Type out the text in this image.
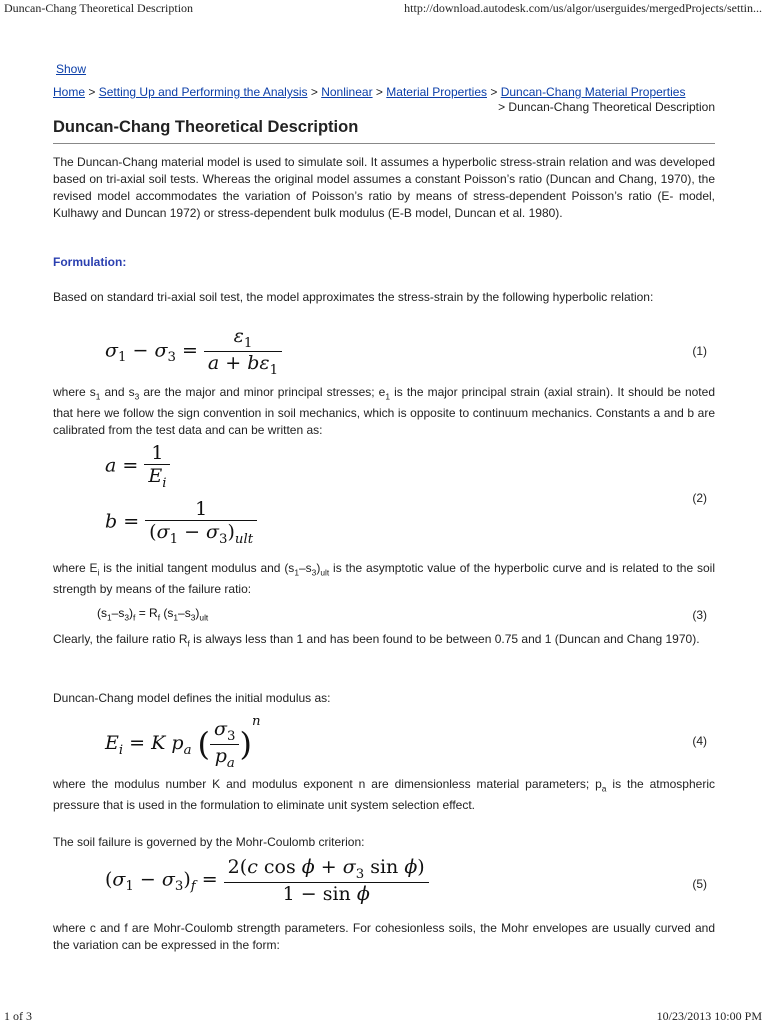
Duncan-Chang Theoretical Description	http://download.autodesk.com/us/algor/userguides/mergedProjects/settin...
Show
Home > Setting Up and Performing the Analysis > Nonlinear > Material Properties > Duncan-Chang Material Properties
> Duncan-Chang Theoretical Description
Duncan-Chang Theoretical Description
The Duncan-Chang material model is used to simulate soil. It assumes a hyperbolic stress-strain relation and was developed based on tri-axial soil tests. Whereas the original model assumes a constant Poisson’s ratio (Duncan and Chang, 1970), the revised model accommodates the variation of Poisson’s ratio by means of stress-dependent Poisson’s ratio (E- model, Kulhawy and Duncan 1972) or stress-dependent bulk modulus (E-B model, Duncan et al. 1980).
Formulation:
Based on standard tri-axial soil test, the model approximates the stress-strain by the following hyperbolic relation:
$\sigma_1 - \sigma_3 = \frac{\varepsilon_1}{a + b\varepsilon_1}$	(1)
where $s_1$ and $s_3$ are the major and minor principal stresses; $e_1$ is the major principal strain (axial strain). It should be noted that here we follow the sign convention in soil mechanics, which is opposite to continuum mechanics. Constants a and b are calibrated from the test data and can be written as:
$a = \frac{1}{E_i}$
$b = \frac{1}{(\sigma_1 - \sigma_3)_{ult}}$	(2)
where $E_i$ is the initial tangent modulus and $(s_1-s_3)_{ult}$ is the asymptotic value of the hyperbolic curve and is related to the soil strength by means of the failure ratio:
$(s_1-s_3)_f = R_f$ $(s_1-s_3)_{ult}$	(3)
Clearly, the failure ratio $R_f$ is always less than 1 and has been found to be between 0.75 and 1 (Duncan and Chang 1970).
Duncan-Chang model defines the initial modulus as:
$E_i = K$ $p_a$ ( $\frac{\sigma_3}{p_a} )^n$
(4)
where the modulus number K and modulus exponent n are dimensionless material parameters; $p_a$ is the atmospheric pressure that is used in the formulation to eliminate unit system selection effect.
The soil failure is governed by the Mohr-Coulomb criterion:
$(\sigma_1 - \sigma_3)_f = \frac{2(c \cos \phi + \sigma_3 \sin \phi)}{\text{1 − sin ϕ}}$	(5)
where c and f are Mohr-Coulomb strength parameters. For cohesionless soils, the Mohr envelopes are usually curved and the variation can be expressed in the form:
1 of 3	10/23/2013 10:00 PM
